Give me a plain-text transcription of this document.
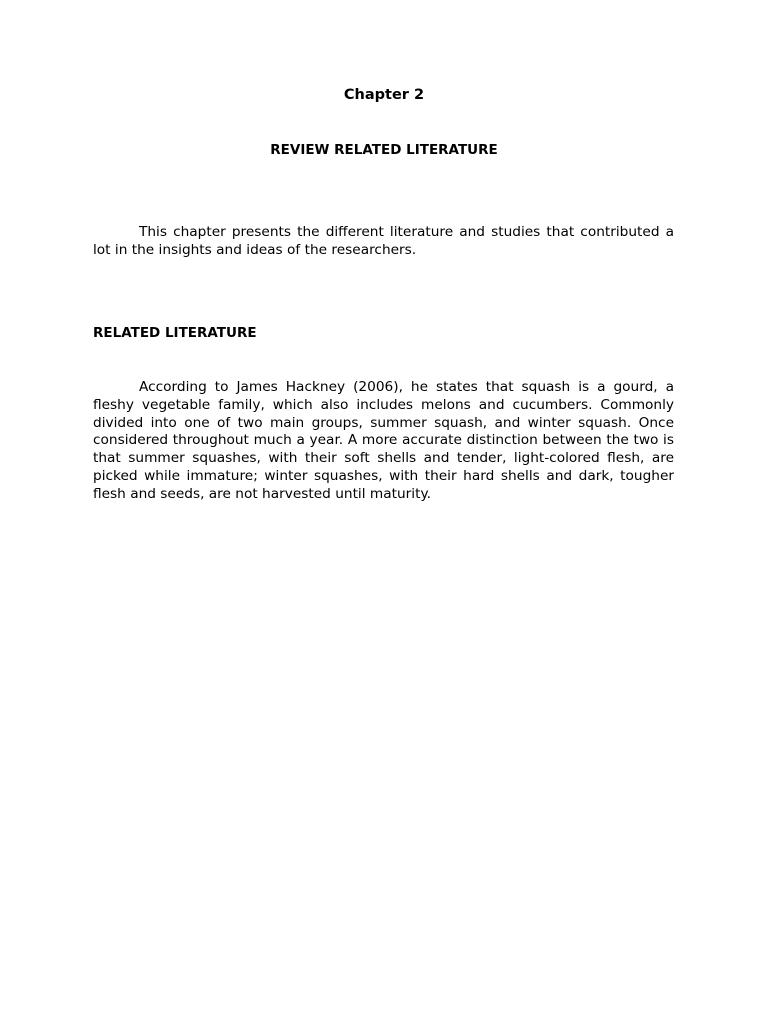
Chapter 2
REVIEW RELATED LITERATURE

This chapter presents the different literature and studies that contributed a lot in the insights and ideas of the researchers.

RELATED LITERATURE

According to James Hackney (2006), he states that squash is a gourd, a fleshy vegetable family, which also includes melons and cucumbers. Commonly divided into one of two main groups, summer squash, and winter squash. Once considered throughout much a year. A more accurate distinction between the two is that summer squashes, with their soft shells and tender, light-colored flesh, are picked while immature; winter squashes, with their hard shells and dark, tougher flesh and seeds, are not harvested until maturity.
